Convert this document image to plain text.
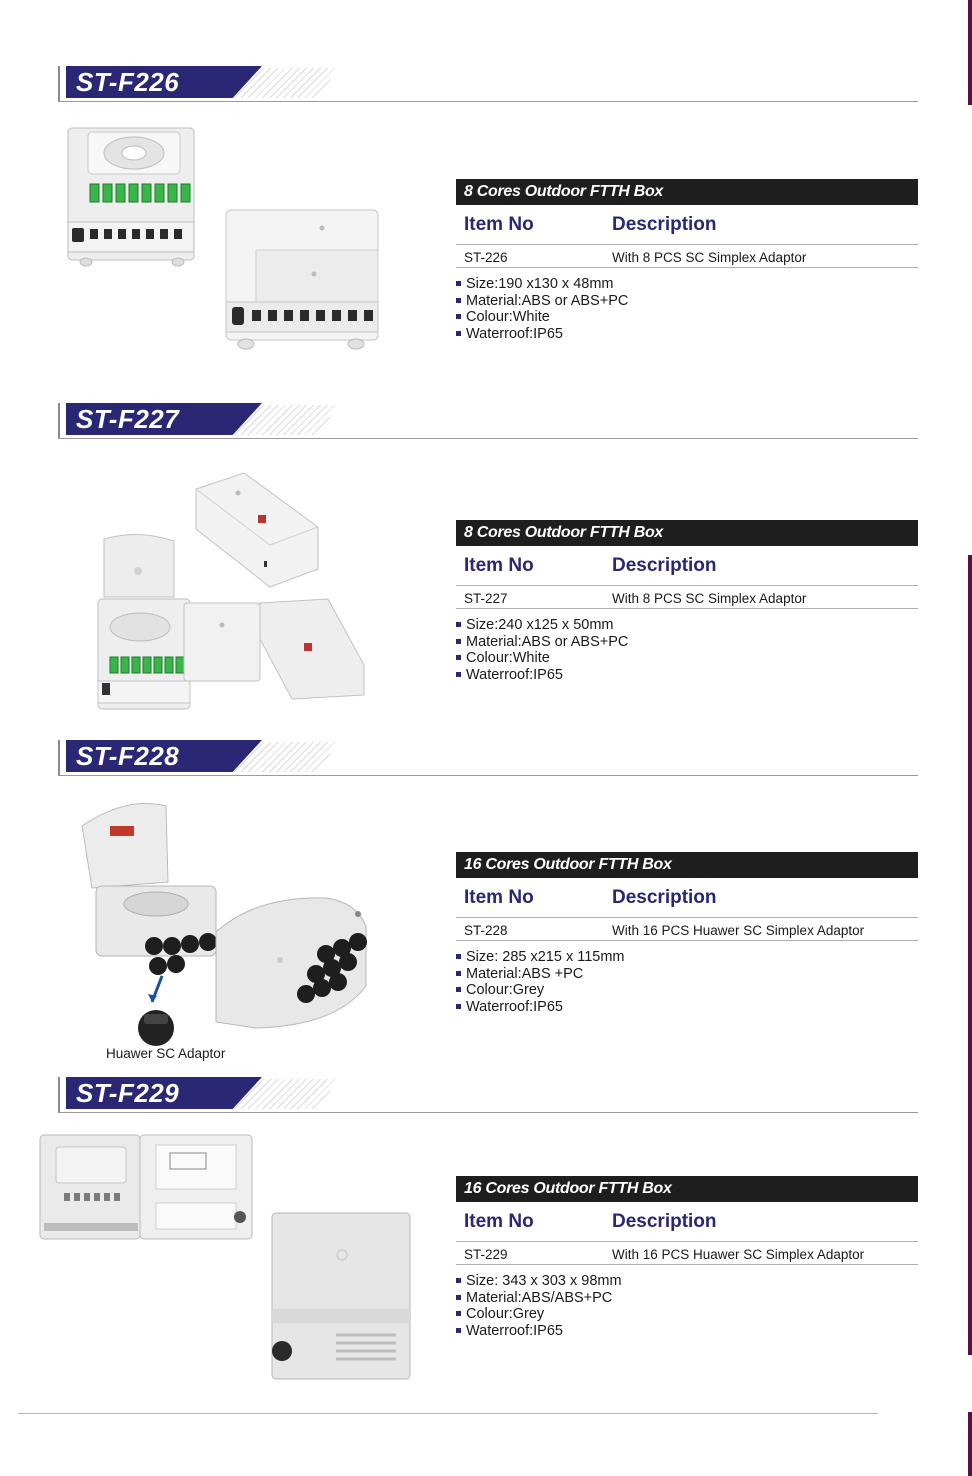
ST-F226
8 Cores Outdoor FTTH Box
Item No	Description
ST-226	With 8 PCS SC Simplex Adaptor
Size:190 x130 x 48mm
Material:ABS or ABS+PC
Colour:White
Waterroof:IP65
ST-F227
8 Cores Outdoor FTTH Box
Item No	Description
ST-227	With 8 PCS SC Simplex Adaptor
Size:240 x125 x 50mm
Material:ABS or ABS+PC
Colour:White
Waterroof:IP65
ST-F228
Huawer SC Adaptor
16 Cores Outdoor FTTH Box
Item No	Description
ST-228	With 16 PCS Huawer SC Simplex Adaptor
Size: 285 x215 x 115mm
Material:ABS +PC
Colour:Grey
Waterroof:IP65
ST-F229
16 Cores Outdoor FTTH Box
Item No	Description
ST-229	With 16 PCS Huawer SC Simplex Adaptor
Size: 343 x 303 x 98mm
Material:ABS/ABS+PC
Colour:Grey
Waterroof:IP65
